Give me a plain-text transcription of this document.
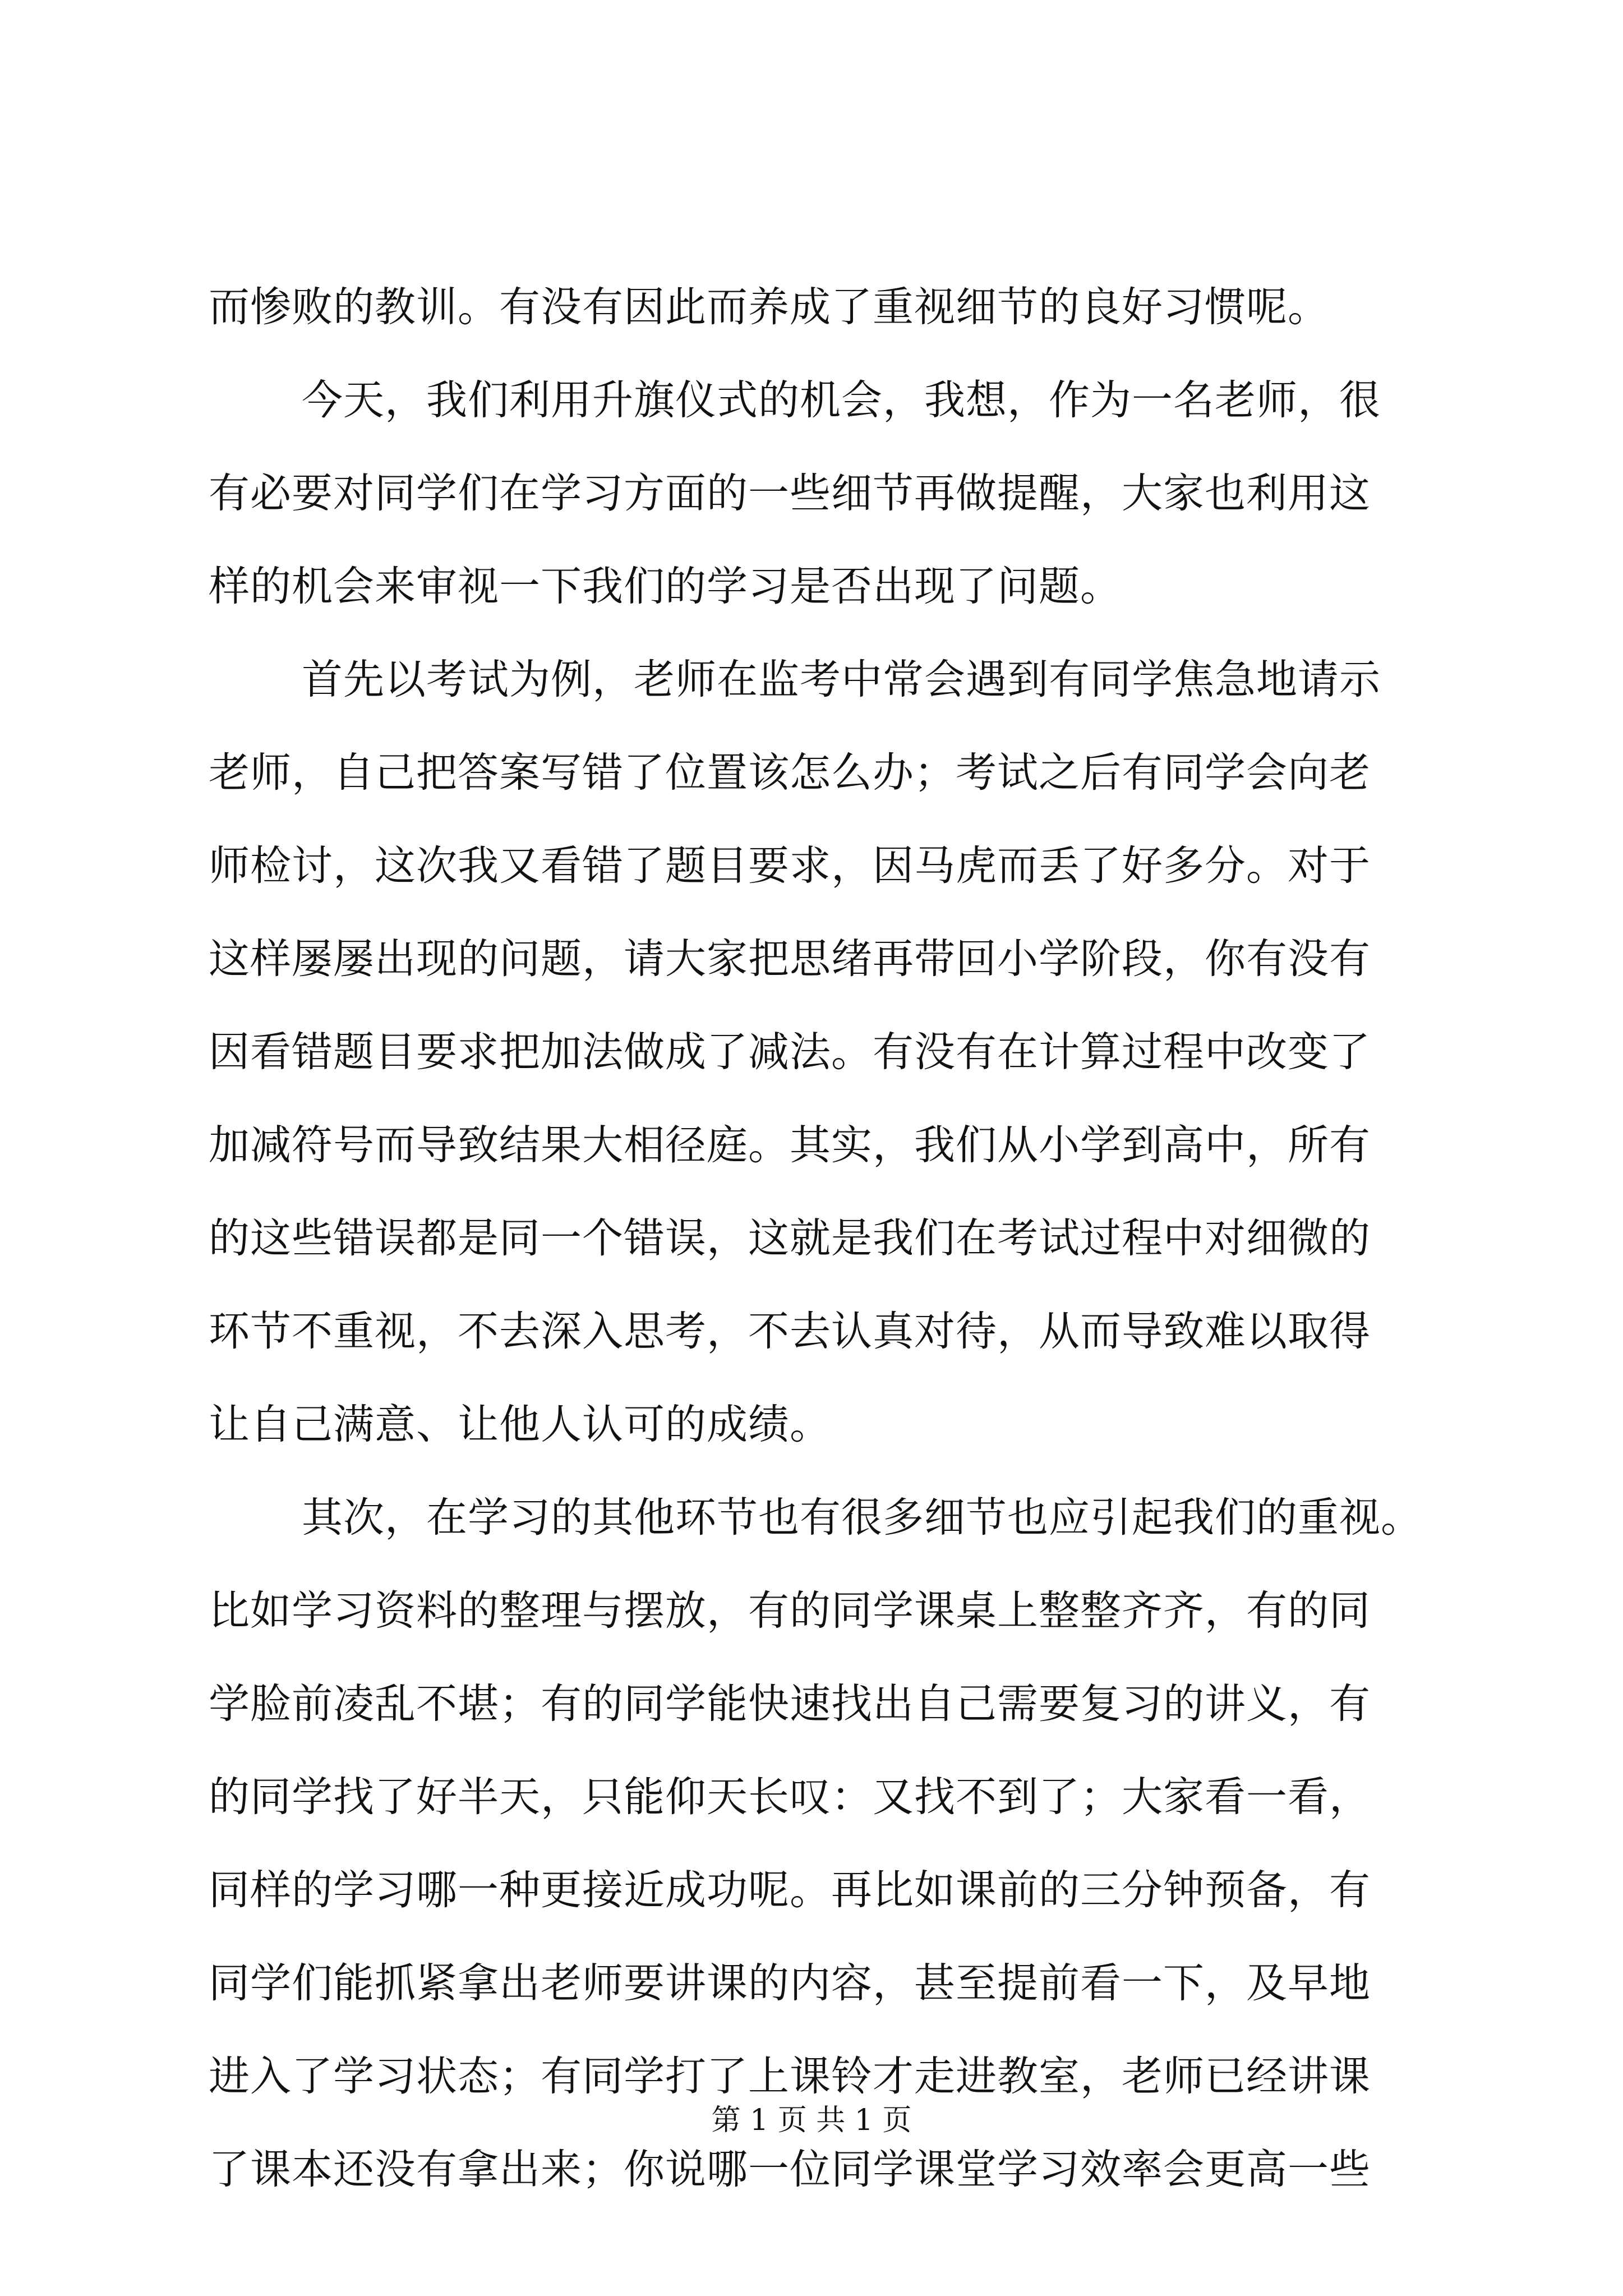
而惨败的教训。有没有因此而养成了重视细节的良好习惯呢。
今天，我们利用升旗仪式的机会，我想，作为一名老师，很
有必要对同学们在学习方面的一些细节再做提醒，大家也利用这
样的机会来审视一下我们的学习是否出现了问题。
首先以考试为例，老师在监考中常会遇到有同学焦急地请示
老师，自己把答案写错了位置该怎么办；考试之后有同学会向老
师检讨，这次我又看错了题目要求，因马虎而丢了好多分。对于
这样屡屡出现的问题，请大家把思绪再带回小学阶段，你有没有
因看错题目要求把加法做成了减法。有没有在计算过程中改变了
加减符号而导致结果大相径庭。其实，我们从小学到高中，所有
的这些错误都是同一个错误，这就是我们在考试过程中对细微的
环节不重视，不去深入思考，不去认真对待，从而导致难以取得
让自己满意、让他人认可的成绩。
其次，在学习的其他环节也有很多细节也应引起我们的重视。
比如学习资料的整理与摆放，有的同学课桌上整整齐齐，有的同
学脸前凌乱不堪；有的同学能快速找出自己需要复习的讲义，有
的同学找了好半天，只能仰天长叹：又找不到了；大家看一看，
同样的学习哪一种更接近成功呢。再比如课前的三分钟预备，有
同学们能抓紧拿出老师要讲课的内容，甚至提前看一下，及早地
进入了学习状态；有同学打了上课铃才走进教室，老师已经讲课
了课本还没有拿出来；你说哪一位同学课堂学习效率会更高一些
第 1 页 共 1 页
